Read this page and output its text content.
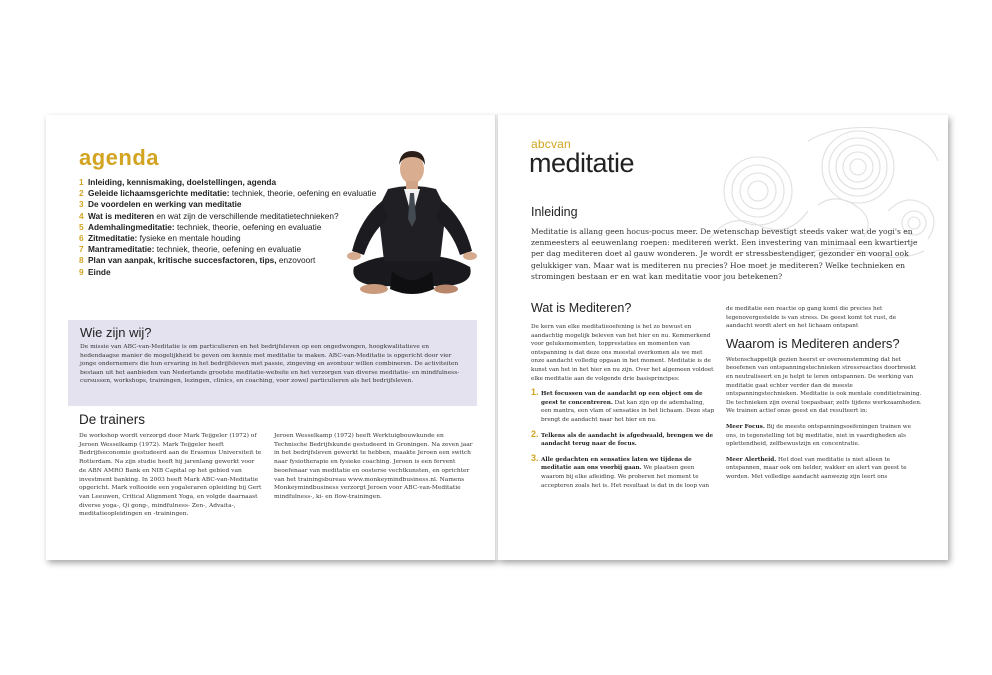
agenda
1 Inleiding, kennismaking, doelstellingen, agenda
2 Geleide lichaamsgerichte meditatie: techniek, theorie, oefening en evaluatie
3 De voordelen en werking van meditatie
4 Wat is mediteren en wat zijn de verschillende meditatietechnieken?
5 Ademhalingmeditatie: techniek, theorie, oefening en evaluatie
6 Zitmeditatie: fysieke en mentale houding
7 Mantrameditatie: techniek, theorie, oefening en evaluatie
8 Plan van aanpak, kritische succesfactoren, tips, enzovoort
9 Einde
Wie zijn wij?

De missie van ABC-van-Meditatie is om particulieren en het bedrijfsleven op een ongedwongen, hoogkwalitatieve en hedendaagse manier de mogelijkheid te geven om kennis met meditatie te maken. ABC-van-Meditatie is opgericht door vier jonge ondernemers die hun ervaring in het bedrijfsleven met passie, zingeving en avontuur willen combineren. De activiteiten bestaan uit het aanbieden van Nederlands grootste meditatie-website en het verzorgen van diverse meditatie- en mindfulness-cursussen, workshops, trainingen, lezingen, clinics, en coaching, voor zowel particulieren als het bedrijfsleven.

De trainers

De workshop wordt verzorgd door Mark Teijgeler (1972) of Jeroen Wesselkamp (1972). Mark Teijgeler heeft Bedrijfseconomie gestudeerd aan de Erasmus Universiteit te Rotterdam. Na zijn studie heeft hij jarenlang gewerkt voor de ABN AMRO Bank en NIB Capital op het gebied van investment banking. In 2003 heeft Mark ABC-van-Meditatie opgericht. Mark voltooide een yogaleraren opleiding bij Gert van Leeuwen, Critical Alignment Yoga, en volgde daarnaast diverse yoga-, Qi gong-, mindfulness- Zen-, Advaita-, meditatieopleidingen en -trainingen.

Jeroen Wesselkamp (1972) heeft Werktuigbouwkunde en Technische Bedrijfskunde gestudeerd in Groningen. Na zeven jaar in het bedrijfsleven gewerkt te hebben, maakte Jeroen een switch naar fysiotherapie en fysieke coaching. Jeroen is een fervent beoefenaar van meditatie en oosterse vechtkunsten, en oprichter van het trainingsbureau www.monkeymindbusiness.nl. Namens Monkeymindbusiness verzorgt Jeroen voor ABC-van-Meditatie mindfulness-, ki- en flow-trainingen.

abcvan
meditatie
Inleiding

Meditatie is allang geen hocus-pocus meer. De wetenschap bevestigt steeds vaker wat de yogi's en zenmeesters al eeuwenlang roepen: mediteren werkt. Een investering van minimaal een kwartiertje per dag mediteren doet al gauw wonderen. Je wordt er stressbestendiger, gezonder en vooral ook gelukkiger van. Maar wat is mediteren nu precies? Hoe moet je mediteren? Welke technieken en stromingen bestaan er en wat kan meditatie voor jou betekenen?

Wat is Mediteren?

De kern van elke meditatieoefening is het zo bewust en aandachtig mogelijk beleven van het hier en nu. Kemmerkend voor geluksmomenten, topprestaties en momenten van ontspanning is dat deze ons meestal overkomen als we met onze aandacht volledig opgaan in het moment. Meditatie is de kunst van het in het hier en nu zijn. Over het algemeen voldoet elke meditatie aan de volgende drie basisprincipes:

1. Het focussen van de aandacht op een object om de geest te concentreren. Dat kan zijn op de ademhaling, een mantra, een vlam of sensaties in het lichaam. Deze stap brengt de aandacht naar het hier en nu.

2. Telkens als de aandacht is afgedwaald, brengen we de aandacht terug naar de focus.

3. Alle gedachten en sensaties laten we tijdens de meditatie aan ons voorbij gaan. We plaatsen geen waarom bij elke afleiding. We proberen het moment te accepteren zoals het is. Het resultaat is dat in de loop van

de meditatie een reactie op gang komt die precies het tegenovergestelde is van stress. De geest komt tot rust, de aandacht wordt alert en het lichaam ontspant

Waarom is Mediteren anders?

Wetenschappelijk gezien heerst er overeenstemming dat het beoefenen van ontspanningstechnieken stressreacties doorbreekt en neutraliseert en je helpt te leren ontspannen. De werking van meditatie gaat echter verder dan de meeste ontspanningstechnieken. Meditatie is ook mentale conditietraining. De technieken zijn overal toepasbaar, zelfs tijdens werkzaamheden. We trainen actief onze geest en dat resulteert in:

Meer Focus. Bij de meeste ontspanningsoefeningen trainen we ons, in tegenstelling tot bij meditatie, niet in vaardigheden als oplettendheid, zelfbewustzijn en concentratie.

Meer Alertheid. Het doel van meditatie is niet alleen te ontspannen, maar ook om helder, wakker en alert van geest te worden. Met volledige aandacht aanwezig zijn leert ons
